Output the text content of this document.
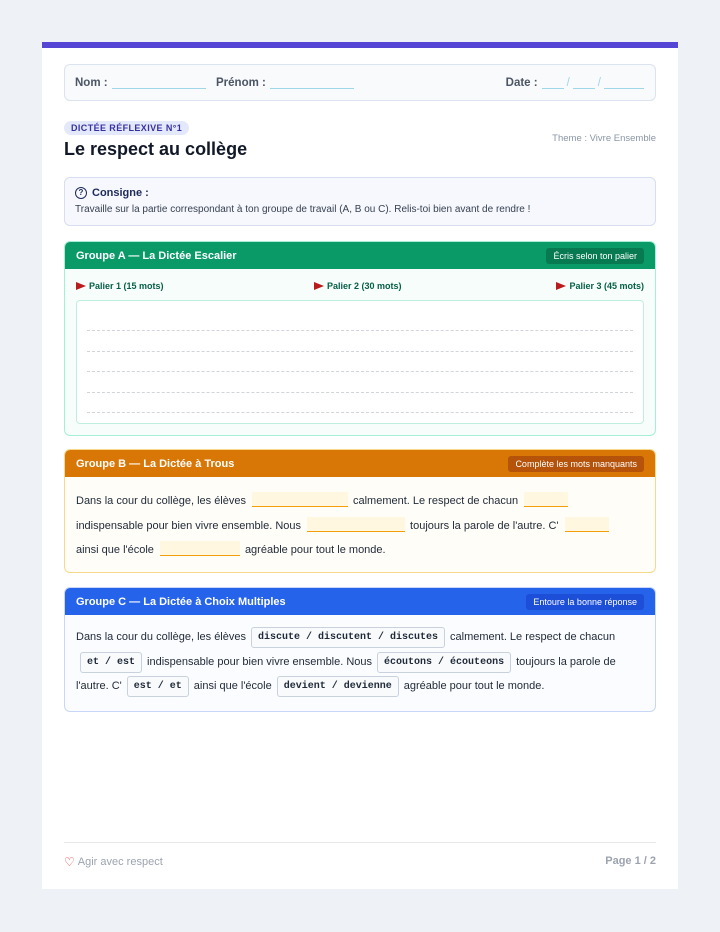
Nom :	Prénom :	Date :	/ /
DICTÉE RÉFLEXIVE N°1
Theme : Vivre Ensemble
Le respect au collège
? Consigne :
Travaille sur la partie correspondant à ton groupe de travail (A, B ou C). Relis-toi bien avant de rendre !
Groupe A — La Dictée Escalier	Écris selon ton palier
Palier 1 (15 mots)	Palier 2 (30 mots)	Palier 3 (45 mots)
Groupe B — La Dictée à Trous	Complète les mots manquants
Dans la cour du collège, les élèves	calmement. Le respect de chacun
indispensable pour bien vivre ensemble. Nous	toujours la parole de l'autre. C'
ainsi que l'école	agréable pour tout le monde.
Groupe C — La Dictée à Choix Multiples	Entoure la bonne réponse
Dans la cour du collège, les élèves discute / discutent / discutes calmement. Le respect de chacun
et / est indispensable pour bien vivre ensemble. Nous écoutons / écouteons toujours la parole de l'autre. C' est / et ainsi que l'école devient / devienne agréable pour tout le monde.
♡ Agir avec respect	Page 1 / 2
